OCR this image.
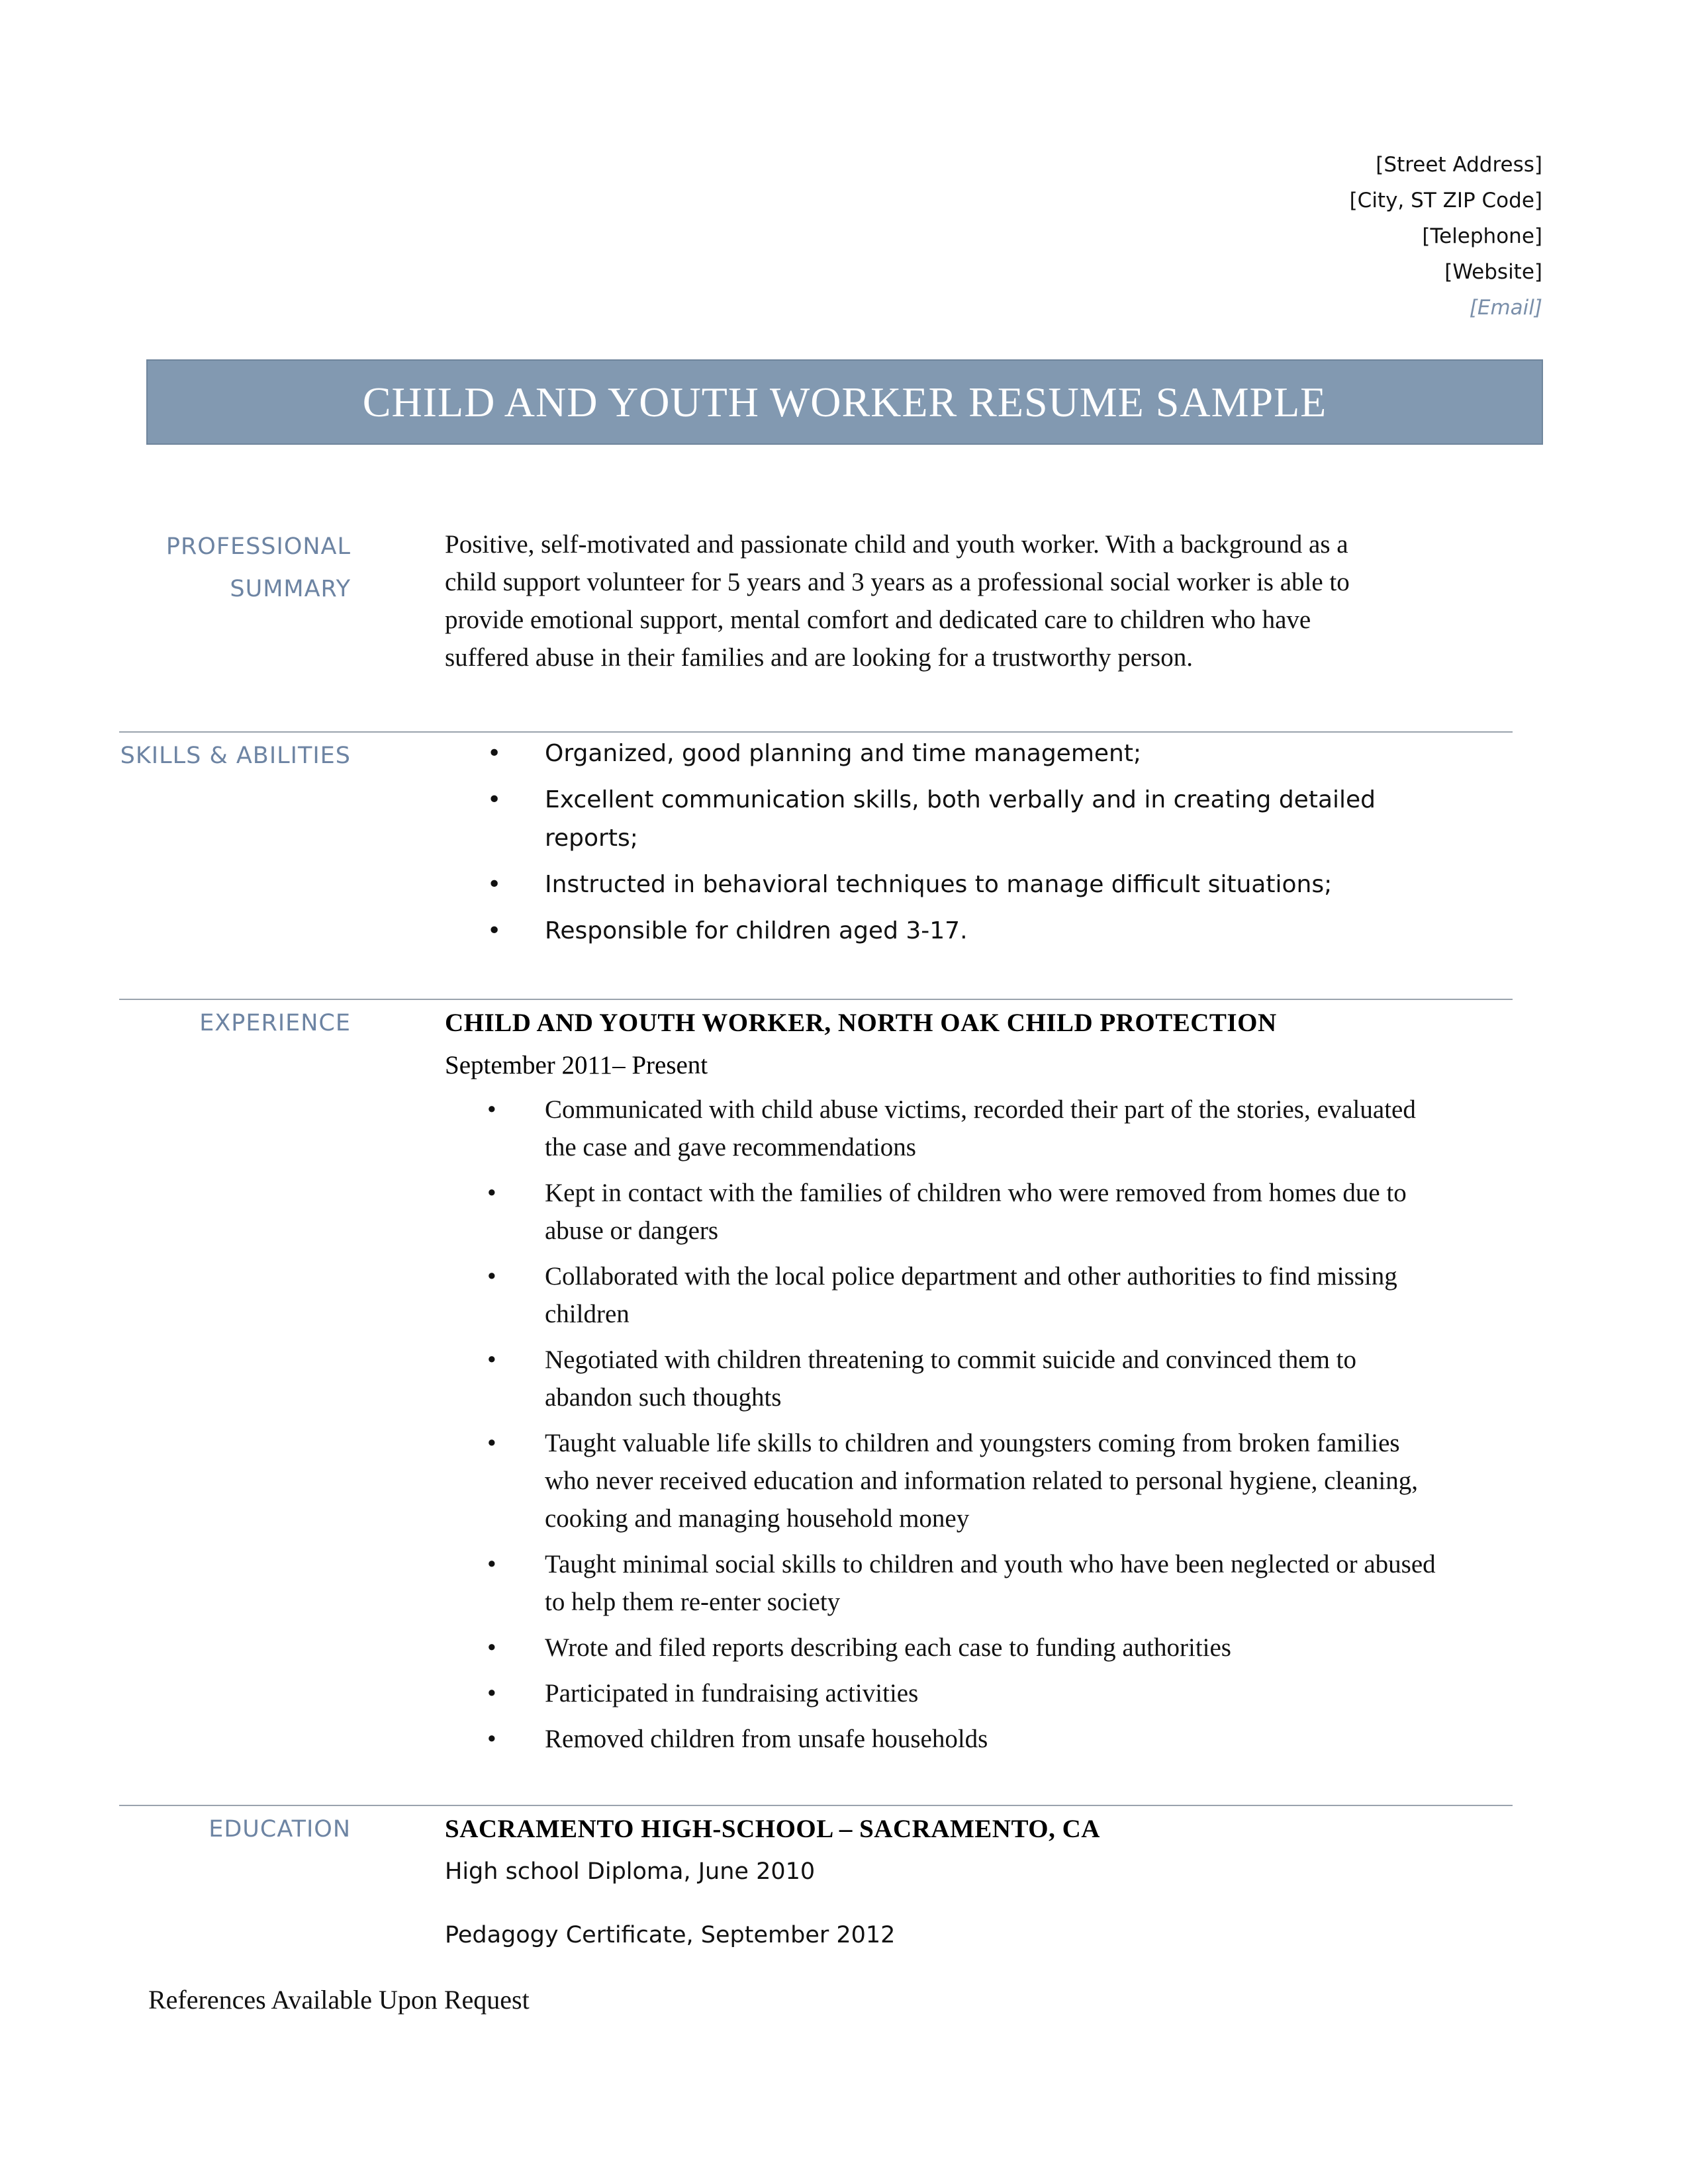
[Street Address]
[City, ST ZIP Code]
[Telephone]
[Website]
[Email]
CHILD AND YOUTH WORKER RESUME SAMPLE
PROFESSIONAL
SUMMARY
Positive, self-motivated and passionate child and youth worker. With a background as a child support volunteer for 5 years and 3 years as a professional social worker is able to provide emotional support, mental comfort and dedicated care to children who have suffered abuse in their families and are looking for a trustworthy person.
SKILLS & ABILITIES	• Organized, good planning and time management;
• Excellent communication skills, both verbally and in creating detailed reports;
• Instructed in behavioral techniques to manage difficult situations;
• Responsible for children aged 3-17.
EXPERIENCE	CHILD AND YOUTH WORKER, NORTH OAK CHILD PROTECTION
September 2011– Present
• Communicated with child abuse victims, recorded their part of the stories, evaluated the case and gave recommendations
• Kept in contact with the families of children who were removed from homes due to abuse or dangers
• Collaborated with the local police department and other authorities to find missing children
• Negotiated with children threatening to commit suicide and convinced them to abandon such thoughts
• Taught valuable life skills to children and youngsters coming from broken families who never received education and information related to personal hygiene, cleaning, cooking and managing household money
• Taught minimal social skills to children and youth who have been neglected or abused to help them re-enter society
• Wrote and filed reports describing each case to funding authorities
• Participated in fundraising activities
• Removed children from unsafe households
EDUCATION	SACRAMENTO HIGH-SCHOOL – SACRAMENTO, CA
High school Diploma, June 2010
Pedagogy Certificate, September 2012
References Available Upon Request
